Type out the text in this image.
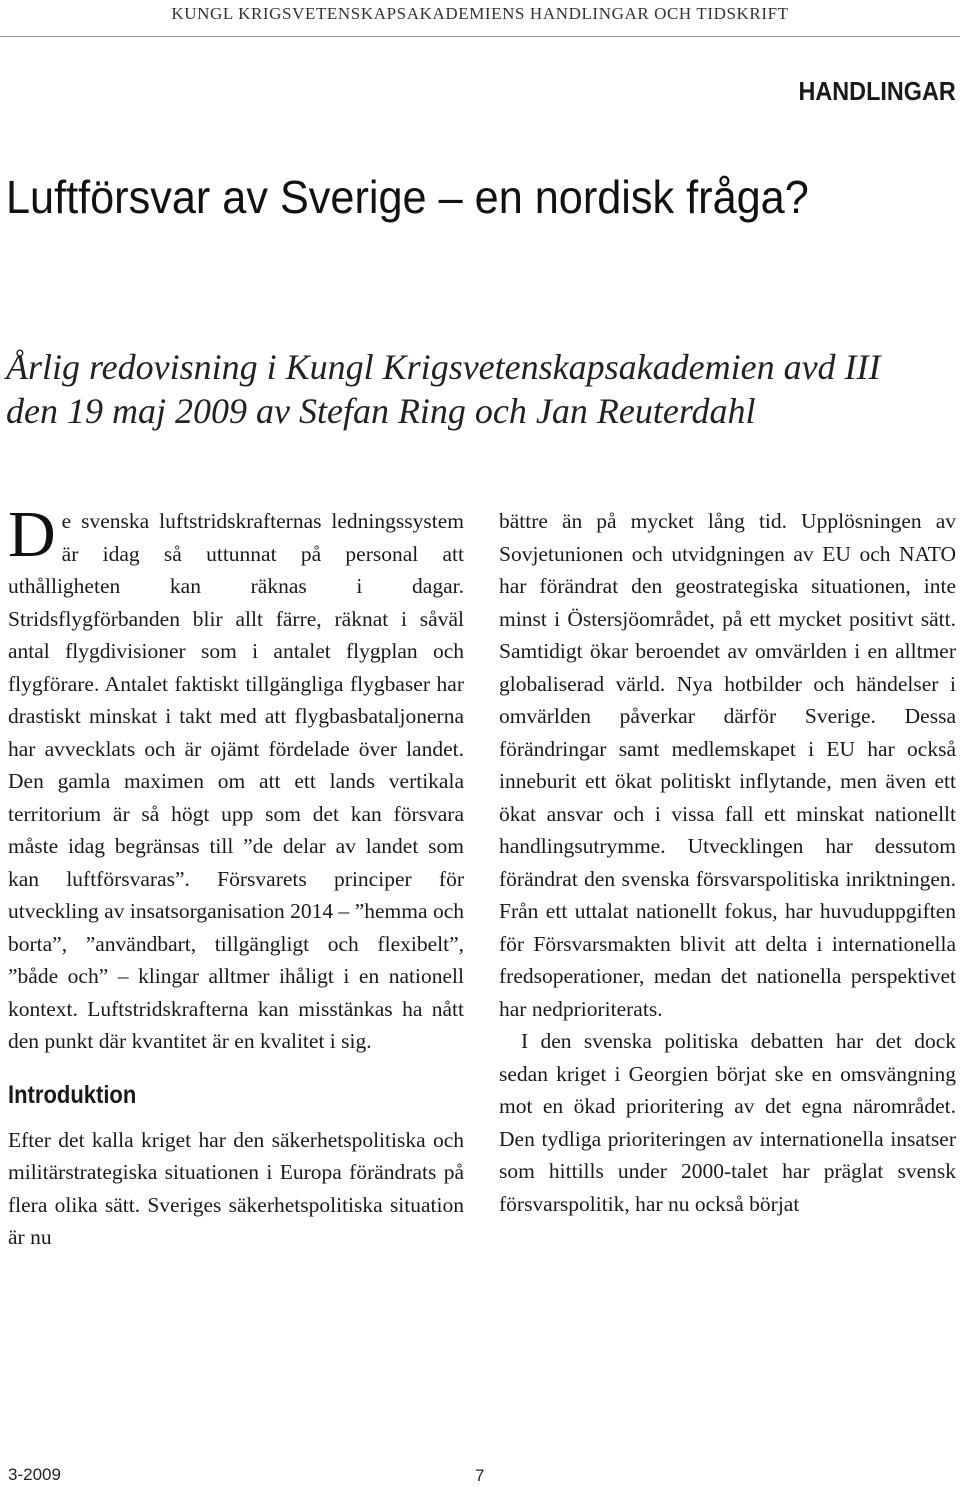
KUNGL KRIGSVETENSKAPSAKADEMIENS HANDLINGAR OCH TIDSKRIFT
HANDLINGAR
Luftförsvar av Sverige – en nordisk fråga?
Årlig redovisning i Kungl Krigsvetenskapsakademien avd III
den 19 maj 2009 av Stefan Ring och Jan Reuterdahl

De svenska luftstridskrafternas ledningssystem är idag så uttunnat på personal att uthålligheten kan räknas i dagar. Stridsflygförbanden blir allt färre, räknat i såväl antal flygdivisioner som i antalet flygplan och flygförare. Antalet faktiskt tillgängliga flygbaser har drastiskt minskat i takt med att flygbasbataljonerna har avvecklats och är ojämt fördelade över landet. Den gamla maximen om att ett lands vertikala territorium är så högt upp som det kan försvara måste idag begränsas till ”de delar av landet som kan luftförsvaras”. Försvarets principer för utveckling av insatsorganisation 2014 – ”hemma och borta”, ”användbart, tillgängligt och flexibelt”, ”både och” – klingar alltmer ihåligt i en nationell kontext. Luftstridskrafterna kan misstänkas ha nått den punkt där kvantitet är en kvalitet i sig.

Introduktion

Efter det kalla kriget har den säkerhetspolitiska och militärstrategiska situationen i Europa förändrats på flera olika sätt. Sveriges säkerhetspolitiska situation är nu

bättre än på mycket lång tid. Upplösningen av Sovjetunionen och utvidgningen av EU och NATO har förändrat den geostrategiska situationen, inte minst i Östersjöområdet, på ett mycket positivt sätt. Samtidigt ökar beroendet av omvärlden i en alltmer globaliserad värld. Nya hotbilder och händelser i omvärlden påverkar därför Sverige. Dessa förändringar samt medlemskapet i EU har också inneburit ett ökat politiskt inflytande, men även ett ökat ansvar och i vissa fall ett minskat nationellt handlingsutrymme. Utvecklingen har dessutom förändrat den svenska försvarspolitiska inriktningen. Från ett uttalat nationellt fokus, har huvuduppgiften för Försvarsmakten blivit att delta i internationella fredsoperationer, medan det nationella perspektivet har nedprioriterats.

I den svenska politiska debatten har det dock sedan kriget i Georgien börjat ske en omsvängning mot en ökad prioritering av det egna närområdet. Den tydliga prioriteringen av internationella insatser som hittills under 2000-talet har präglat svensk försvarspolitik, har nu också börjat

3-2009	7
